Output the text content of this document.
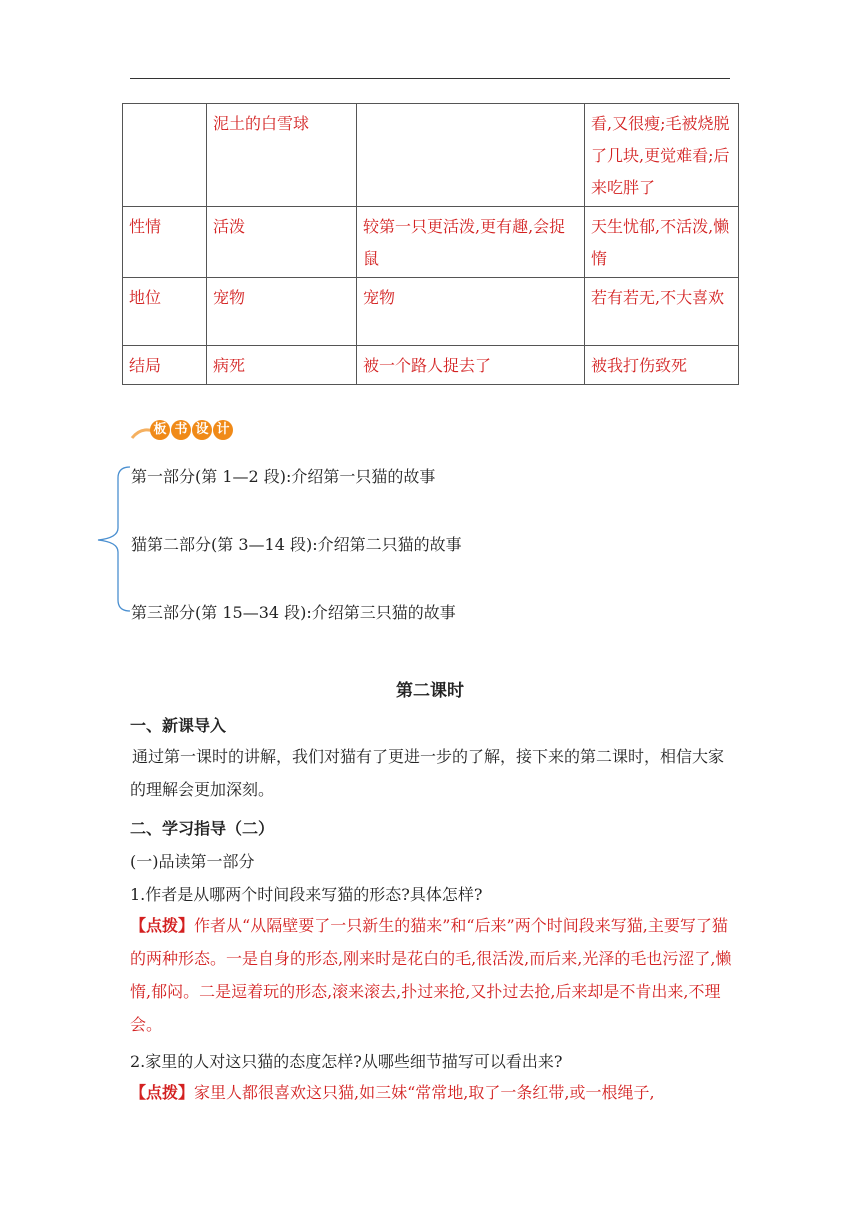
	泥土的白雪球		看,又很瘦;毛被烧脱了几块,更觉难看;后来吃胖了
性情	活泼	较第一只更活泼,更有趣,会捉鼠	天生忧郁,不活泼,懒惰
地位	宠物	宠物	若有若无,不大喜欢
结局	病死	被一个路人捉去了	被我打伤致死
板 书 设 计
第一部分(第 1—2 段):介绍第一只猫的故事
猫第二部分(第 3—14 段):介绍第二只猫的故事
第三部分(第 15—34 段):介绍第三只猫的故事
第二课时
一、新课导入
通过第一课时的讲解，我们对猫有了更进一步的了解，接下来的第二课时，相信大家的理解会更加深刻。
二、学习指导（二）
(一)品读第一部分
1.作者是从哪两个时间段来写猫的形态?具体怎样?
【点拨】作者从“从隔壁要了一只新生的猫来”和“后来”两个时间段来写猫,主要写了猫的两种形态。一是自身的形态,刚来时是花白的毛,很活泼,而后来,光泽的毛也污涩了,懒惰,郁闷。二是逗着玩的形态,滚来滚去,扑过来抢,又扑过去抢,后来却是不肯出来,不理会。
2.家里的人对这只猫的态度怎样?从哪些细节描写可以看出来?
【点拨】家里人都很喜欢这只猫,如三妹“常常地,取了一条红带,或一根绳子,
